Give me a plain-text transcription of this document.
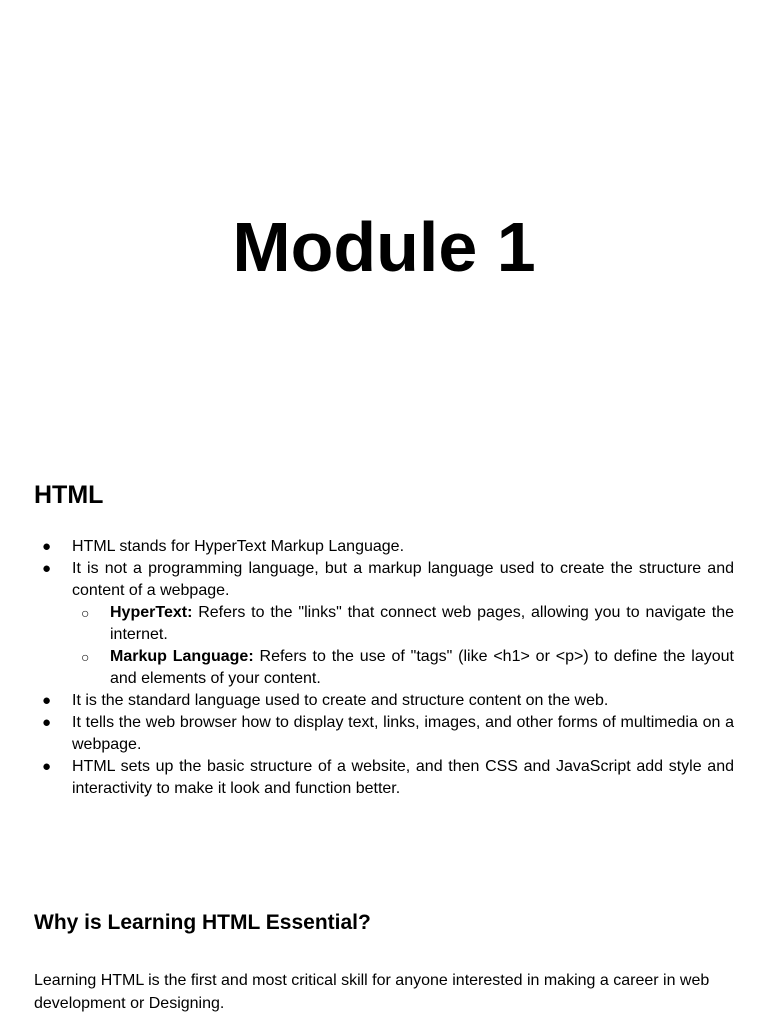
Module 1
HTML
● HTML stands for HyperText Markup Language.
● It is not a programming language, but a markup language used to create the structure and content of a webpage.
○ HyperText: Refers to the "links" that connect web pages, allowing you to navigate the internet.
○ Markup Language: Refers to the use of "tags" (like <h1> or <p>) to define the layout and elements of your content.
● It is the standard language used to create and structure content on the web.
● It tells the web browser how to display text, links, images, and other forms of multimedia on a webpage.
● HTML sets up the basic structure of a website, and then CSS and JavaScript add style and interactivity to make it look and function better.
Why is Learning HTML Essential?

Learning HTML is the first and most critical skill for anyone interested in making a career in web development or Designing.
